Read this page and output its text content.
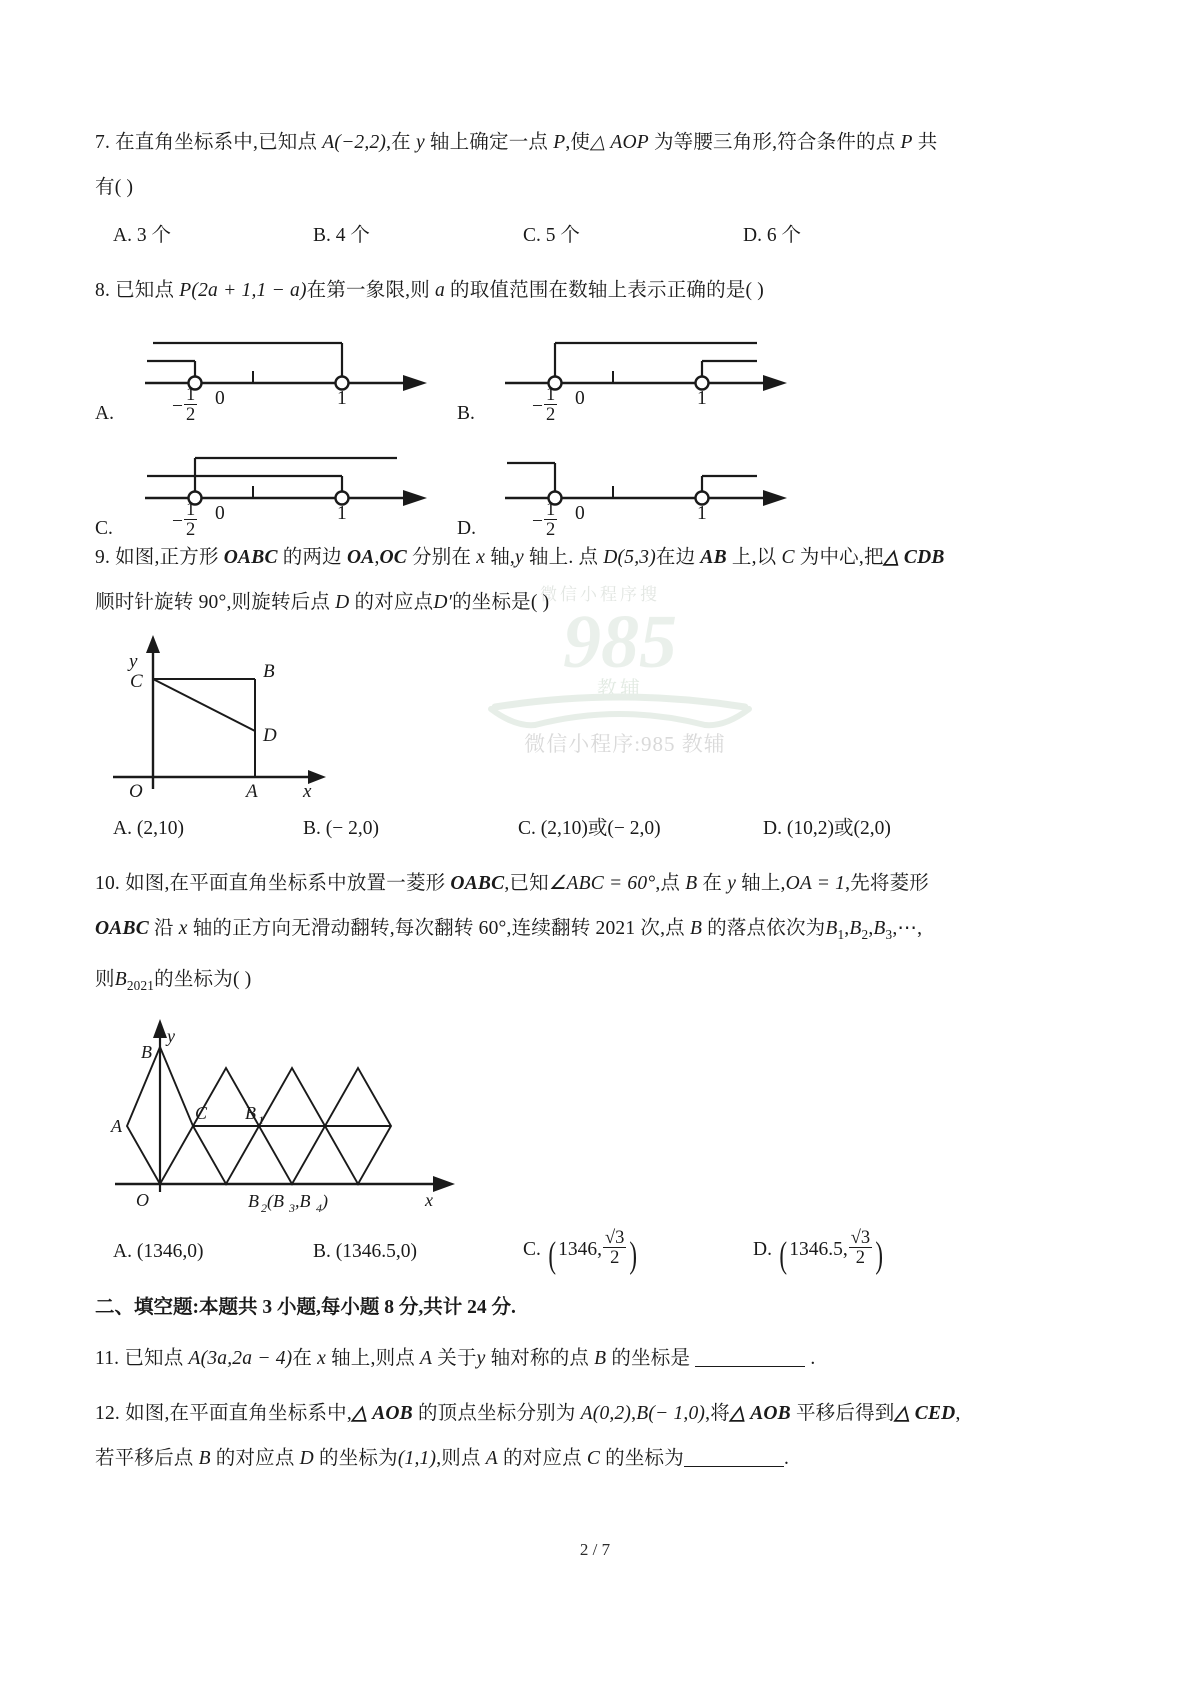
微信小程序搜
985
教辅
微信小程序:985 教辅
7. 在直角坐标系中,已知点 A(−2,2),在 y 轴上确定一点 P,使△ AOP 为等腰三角形,符合条件的点 P 共
有( )
A. 3 个	B. 4 个	C. 5 个	D. 6 个
8. 已知点 P(2a + 1,1 − a)在第一象限,则 a 的取值范围在数轴上表示正确的是( )
− $\frac{1}{2} 0$	1
A.	− $\frac{1}{2} 0$	1
B.
− $\frac{1}{2} 0$	1
C.	− $\frac{1}{2} 0$	1
D.
9. 如图,正方形 OABC 的两边 OA,OC 分别在 x 轴,y 轴上. 点 D(5,3)在边 AB 上,以 C 为中心,把△ CDB
顺时针旋转 90°,则旋转后点 D 的对应点D′的坐标是( )
C	B
D
O	A
y
x
A. (2,10)	B. (− 2,0)	C. (2,10)或(− 2,0)	D. (10,2)或(2,0)
10. 如图,在平面直角坐标系中放置一菱形 OABC,已知∠ABC = 60°,点 B 在 y 轴上,OA = 1,先将菱形
OABC 沿 x 轴的正方向无滑动翻转,每次翻转 60°,连续翻转 2021 次,点 B 的落点依次为$B_1,B_2,B_3,\cdots$,
则$B_{2021}$的坐标为( )
B
A
C B 1
O	B 2 (B 3 ,B 4 )	x
y
A. (1346,0)	B. (1346.5,0)	C. ( 1346, $\frac{√3}{2}$ )	D. ( 1346.5, $\frac{√3}{2}$ )
二、填空题:本题共 3 小题,每小题 8 分,共计 24 分.
11. 已知点 A(3a,2a − 4)在 x 轴上,则点 A 关于y 轴对称的点 B 的坐标是	.
12. 如图,在平面直角坐标系中,△ AOB 的顶点坐标分别为 A(0,2),B(− 1,0),将△ AOB 平移后得到△ CED,
若平移后点 B 的对应点 D 的坐标为(1,1),则点 A 的对应点 C 的坐标为	.
2 / 7
